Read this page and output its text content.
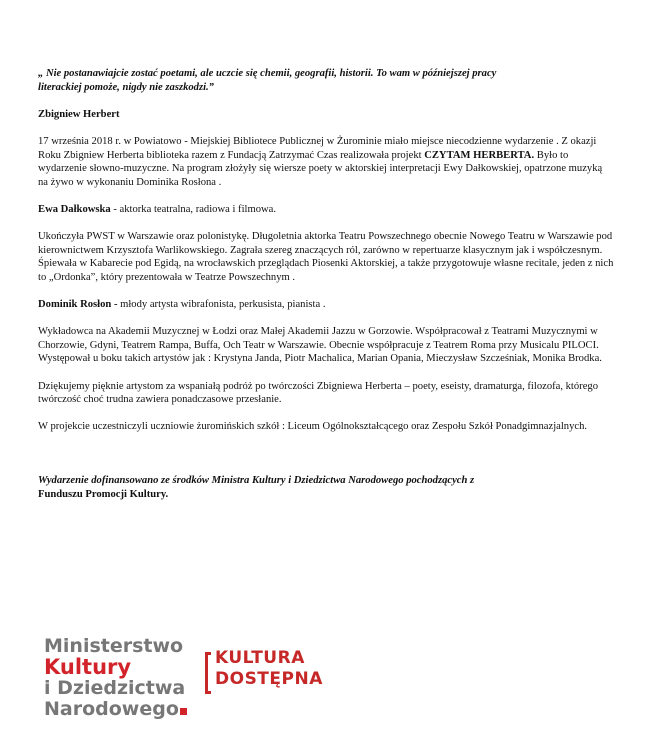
„ Nie postanawiajcie zostać poetami, ale uczcie się chemii, geografii, historii. To wam w późniejszej pracy
literackiej pomoże, nigdy nie zaszkodzi.”

Zbigniew Herbert

17 września 2018 r. w Powiatowo - Miejskiej Bibliotece Publicznej w Żurominie miało miejsce niecodzienne wydarzenie . Z okazji Roku Zbigniew Herberta biblioteka razem z Fundacją Zatrzymać Czas realizowała projekt CZYTAM HERBERTA. Było to wydarzenie słowno-muzyczne. Na program złożyły się wiersze poety w aktorskiej interpretacji Ewy Dałkowskiej, opatrzone muzyką na żywo w wykonaniu Dominika Rosłona .

Ewa Dałkowska - aktorka teatralna, radiowa i filmowa.

Ukończyła PWST w Warszawie oraz polonistykę. Długoletnia aktorka Teatru Powszechnego obecnie Nowego Teatru w Warszawie pod kierownictwem Krzysztofa Warlikowskiego. Zagrała szereg znaczących ról, zarówno w repertuarze klasycznym jak i współczesnym. Śpiewała w Kabarecie pod Egidą, na wrocławskich przeglądach Piosenki Aktorskiej, a także przygotowuje własne recitale, jeden z nich to „Ordonka”, który prezentowała w Teatrze Powszechnym .

Dominik Rosłon - młody artysta wibrafonista, perkusista, pianista .

Wykładowca na Akademii Muzycznej w Łodzi oraz Małej Akademii Jazzu w Gorzowie. Współpracował z Teatrami Muzycznymi w Chorzowie, Gdyni, Teatrem Rampa, Buffa, Och Teatr w Warszawie. Obecnie współpracuje z Teatrem Roma przy Musicalu PILOCI. Występował u boku takich artystów jak : Krystyna Janda, Piotr Machalica, Marian Opania, Mieczysław Szcześniak, Monika Brodka.

Dziękujemy pięknie artystom za wspaniałą podróż po twórczości Zbigniewa Herberta – poety, eseisty, dramaturga, filozofa, którego twórczość choć trudna zawiera ponadczasowe przesłanie.

W projekcie uczestniczyli uczniowie żuromińskich szkół : Liceum Ogólnokształcącego oraz Zespołu Szkół Ponadgimnazjalnych.

Wydarzenie dofinansowano ze środków Ministra Kultury i Dziedzictwa Narodowego pochodzących z
Funduszu Promocji Kultury.

Ministerstwo
Kultury
i Dziedzictwa
Narodowego
KULTURA
DOSTĘPNA
